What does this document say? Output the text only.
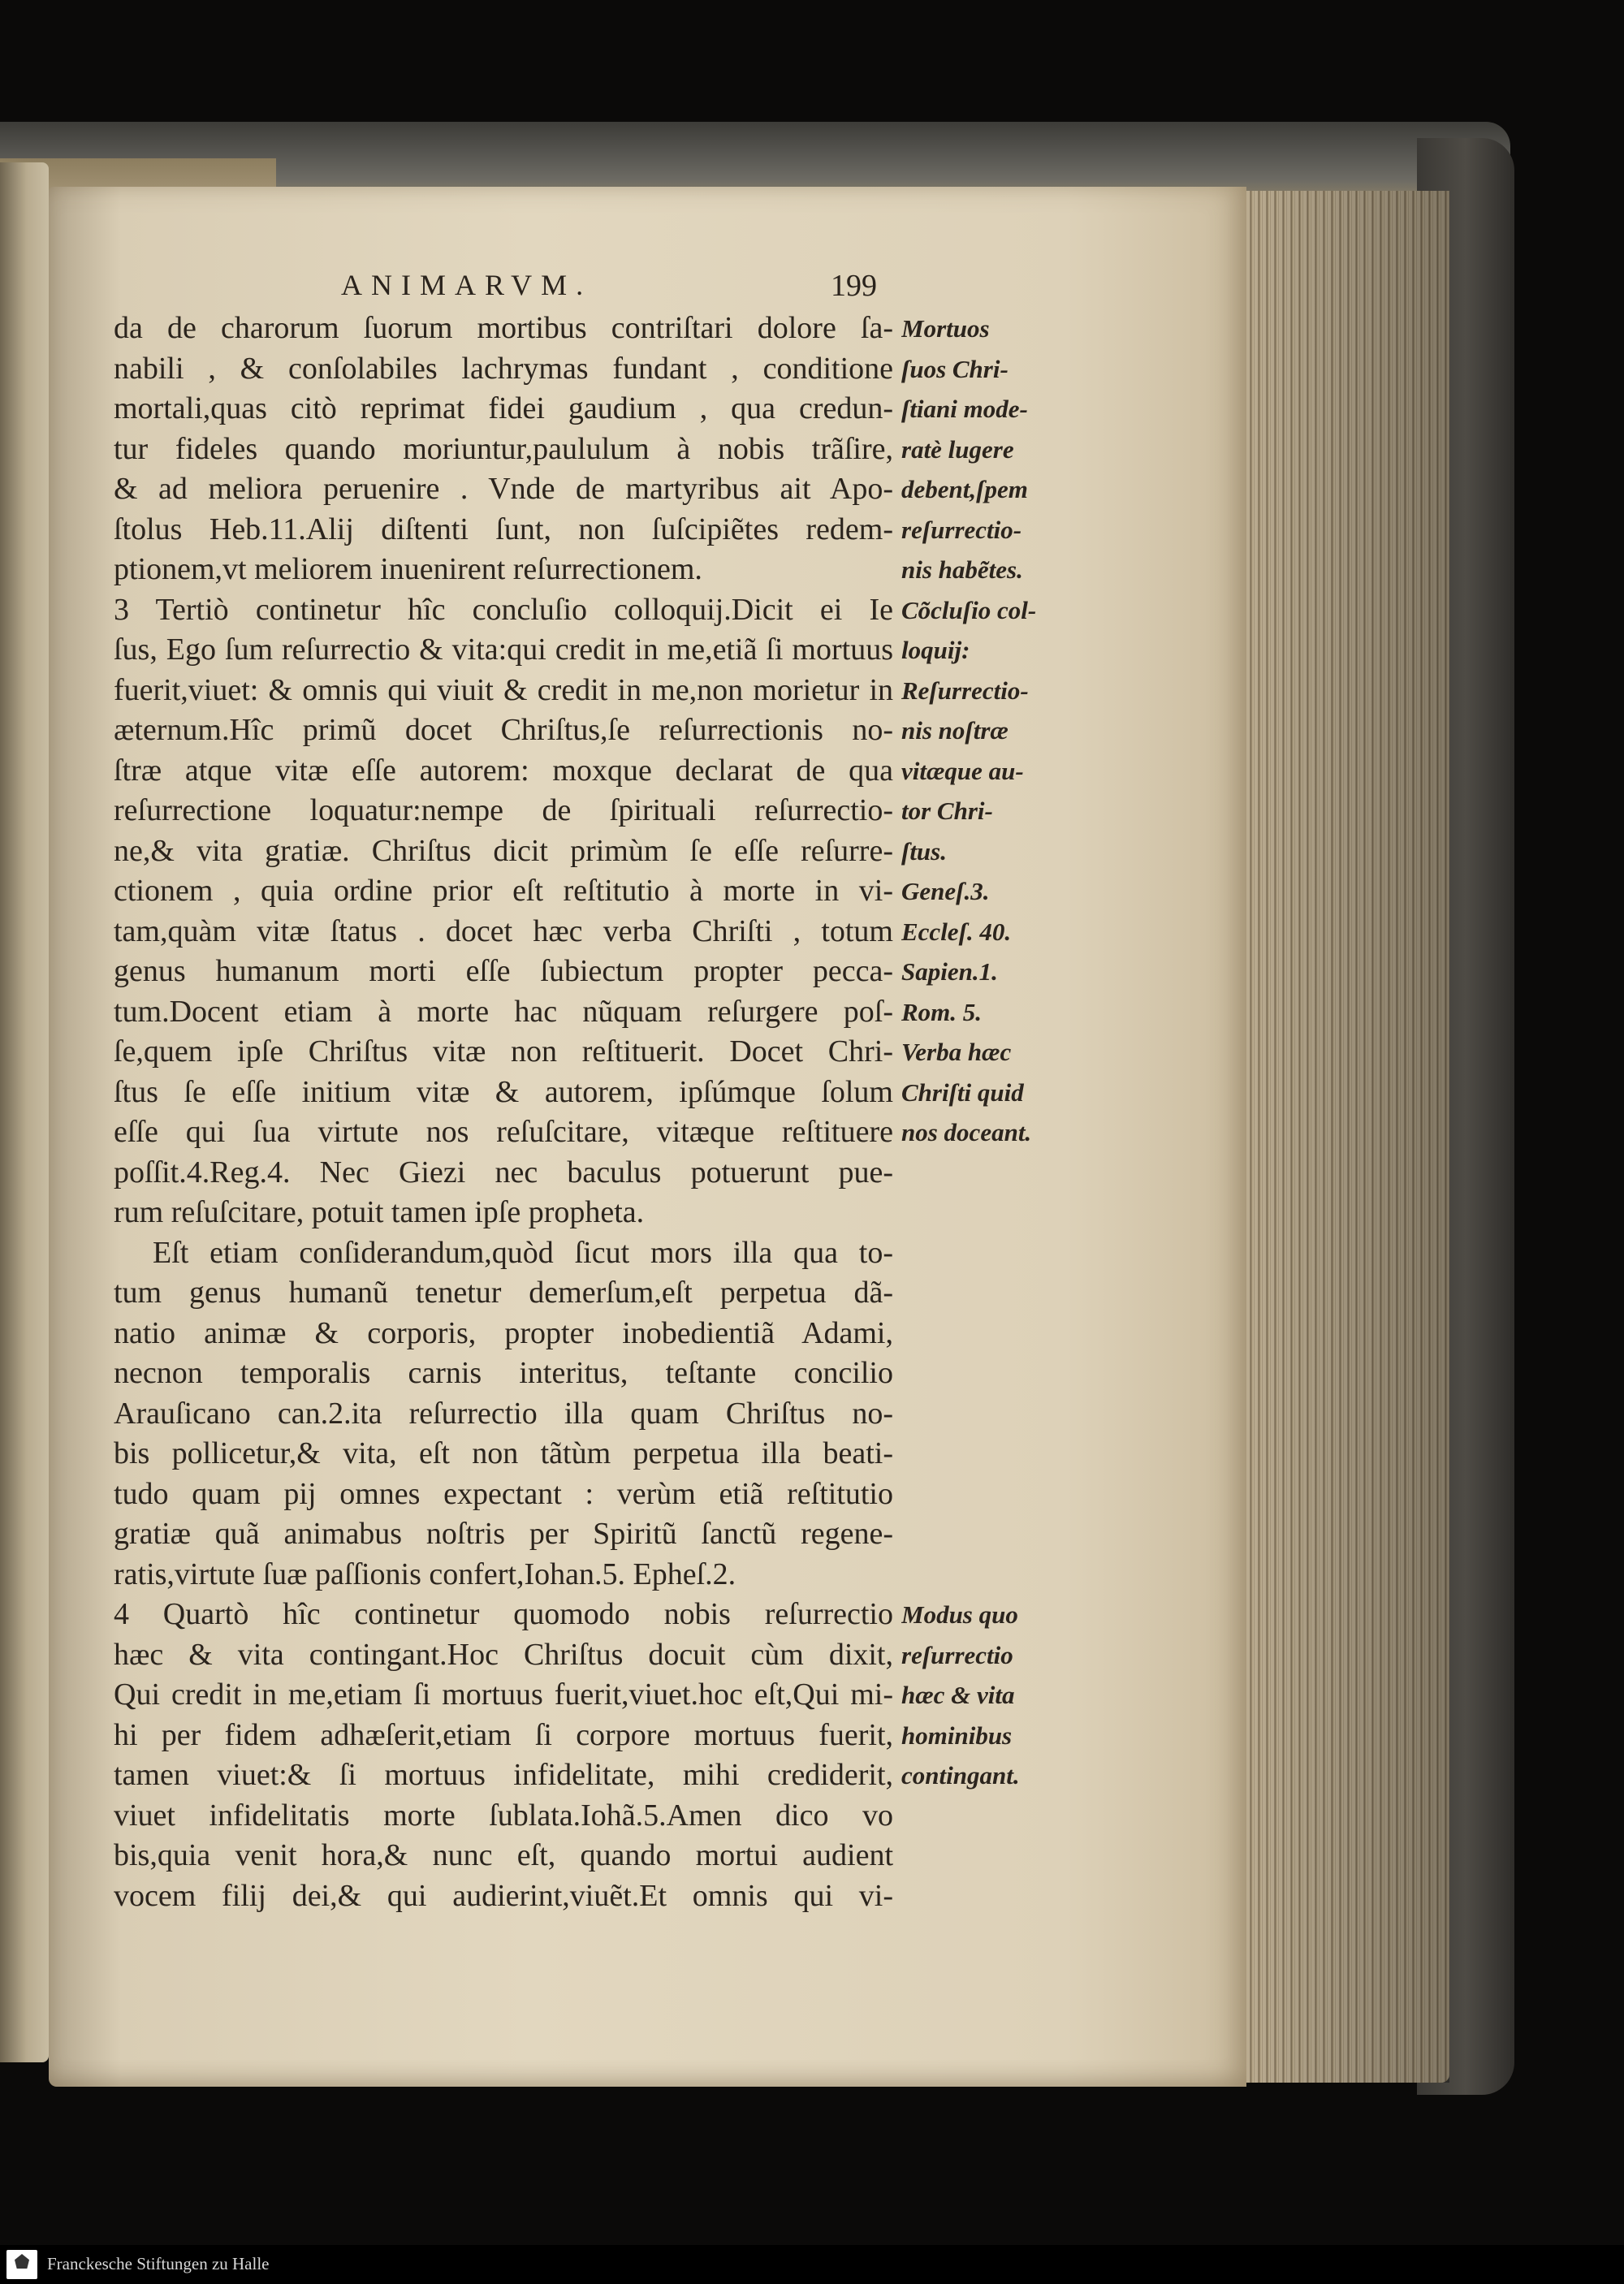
ANIMARVM.	199
da de charorum ſuorum mortibus contriſtari dolore ſa-
nabili , & conſolabiles lachrymas fundant , conditione
mortali,quas citò reprimat fidei gaudium , qua credun-
tur fideles quando moriuntur,paululum à nobis trãſire,
& ad meliora peruenire . Vnde de martyribus ait Apo-
ſtolus Heb.11.Alij diſtenti ſunt, non ſuſcipiẽtes redem-
ptionem,vt meliorem inuenirent reſurrectionem.
3 Tertiò continetur hîc concluſio colloquij.Dicit ei Ie
ſus, Ego ſum reſurrectio & vita:qui credit in me,etiã ſi mortuus
fuerit,viuet: & omnis qui viuit & credit in me,non morietur in
æternum.Hîc primũ docet Chriſtus,ſe reſurrectionis no-
ſtræ atque vitæ eſſe autorem: moxque declarat de qua
reſurrectione loquatur:nempe de ſpirituali reſurrectio-
ne,& vita gratiæ. Chriſtus dicit primùm ſe eſſe reſurre-
ctionem , quia ordine prior eſt reſtitutio à morte in vi-
tam,quàm vitæ ſtatus . docet hæc verba Chriſti , totum
genus humanum morti eſſe ſubiectum propter pecca-
tum.Docent etiam à morte hac nũquam reſurgere poſ-
ſe,quem ipſe Chriſtus vitæ non reſtituerit. Docet Chri-
ſtus ſe eſſe initium vitæ & autorem, ipſúmque ſolum
eſſe qui ſua virtute nos reſuſcitare, vitæque reſtituere
poſſit.4.Reg.4. Nec Giezi nec baculus potuerunt pue-
rum reſuſcitare, potuit tamen ipſe propheta.
Eſt etiam conſiderandum,quòd ſicut mors illa qua to-
tum genus humanũ tenetur demerſum,eſt perpetua dã-
natio animæ & corporis, propter inobedientiã Adami,
necnon temporalis carnis interitus, teſtante concilio
Arauſicano can.2.ita reſurrectio illa quam Chriſtus no-
bis pollicetur,& vita, eſt non tãtùm perpetua illa beati-
tudo quam pij omnes expectant : verùm etiã reſtitutio
gratiæ quã animabus noſtris per Spiritũ ſanctũ regene-
ratis,virtute ſuæ paſſionis confert,Iohan.5. Epheſ.2.
4 Quartò hîc continetur quomodo nobis reſurrectio
hæc & vita contingant.Hoc Chriſtus docuit cùm dixit,
Qui credit in me,etiam ſi mortuus fuerit,viuet.hoc eſt,Qui mi-
hi per fidem adhæſerit,etiam ſi corpore mortuus fuerit,
tamen viuet:& ſi mortuus infidelitate, mihi crediderit,
viuet infidelitatis morte ſublata.Iohã.5.Amen dico vo
bis,quia venit hora,& nunc eſt, quando mortui audient
vocem filij dei,& qui audierint,viuẽt.Et omnis qui vi-
Mortuos
ſuos Chri-
ſtiani mode-
ratè lugere
debent,ſpem
reſurrectio-
nis habẽtes.
Cõcluſio col-
loquij:
Reſurrectio-
nis noſtræ
vitæque au-
tor Chri-
ſtus.
Geneſ.3.
Eccleſ. 40.
Sapien.1.
Rom. 5.
Verba hæc
Chriſti quid
nos doceant.
Modus quo
reſurrectio
hæc & vita
hominibus
contingant.
Franckesche Stiftungen zu Halle
